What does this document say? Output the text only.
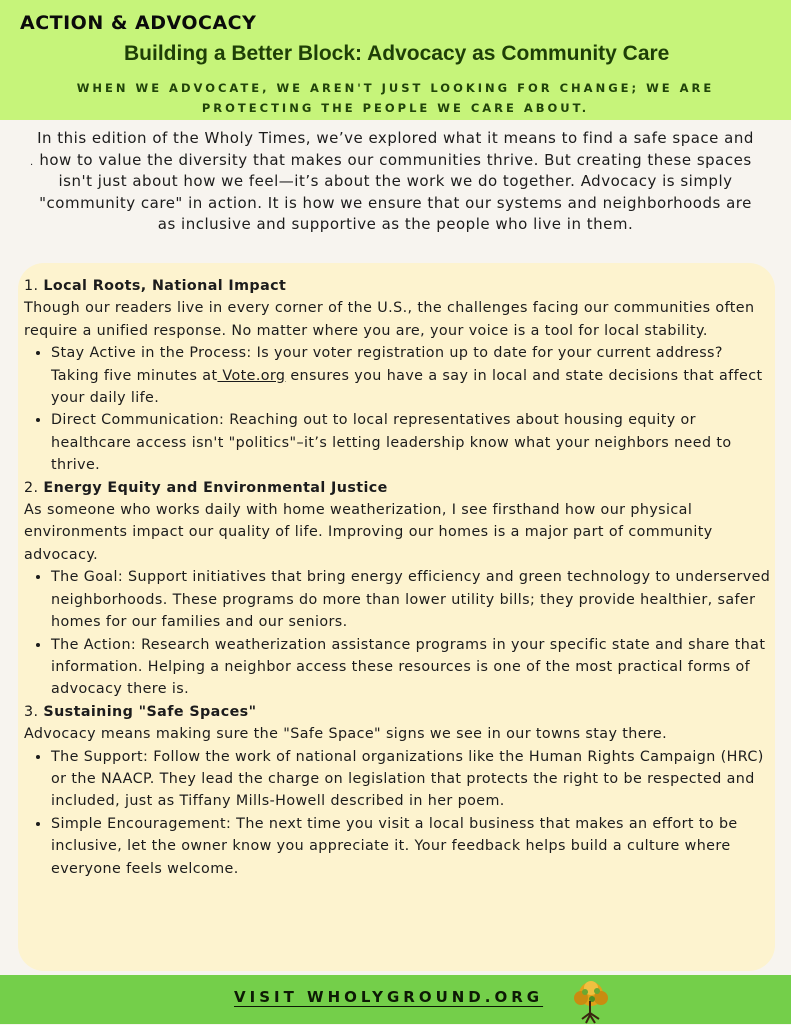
ACTION & ADVOCACY
Building a Better Block: Advocacy as Community Care

WHEN WE ADVOCATE, WE AREN'T JUST LOOKING FOR CHANGE; WE ARE PROTECTING THE PEOPLE WE CARE ABOUT.

In this edition of the Wholy Times, we’ve explored what it means to find a safe space and how to value the diversity that makes our communities thrive. But creating these spaces isn't just about how we feel—it’s about the work we do together. Advocacy is simply "community care" in action. It is how we ensure that our systems and neighborhoods are as inclusive and supportive as the people who live in them.

.

1. Local Roots, National Impact

Though our readers live in every corner of the U.S., the challenges facing our communities often require a unified response. No matter where you are, your voice is a tool for local stability.

• Stay Active in the Process: Is your voter registration up to date for your current address? Taking five minutes at Vote.org ensures you have a say in local and state decisions that affect your daily life.
• Direct Communication: Reaching out to local representatives about housing equity or healthcare access isn't "politics"–it’s letting leadership know what your neighbors need to thrive.

2. Energy Equity and Environmental Justice

As someone who works daily with home weatherization, I see firsthand how our physical environments impact our quality of life. Improving our homes is a major part of community advocacy.

• The Goal: Support initiatives that bring energy efficiency and green technology to underserved neighborhoods. These programs do more than lower utility bills; they provide healthier, safer homes for our families and our seniors.
• The Action: Research weatherization assistance programs in your specific state and share that information. Helping a neighbor access these resources is one of the most practical forms of advocacy there is.

3. Sustaining "Safe Spaces"

Advocacy means making sure the "Safe Space" signs we see in our towns stay there.

• The Support: Follow the work of national organizations like the Human Rights Campaign (HRC) or the NAACP. They lead the charge on legislation that protects the right to be respected and included, just as Tiffany Mills-Howell described in her poem.
• Simple Encouragement: The next time you visit a local business that makes an effort to be inclusive, let the owner know you appreciate it. Your feedback helps build a culture where everyone feels welcome.

VISIT WHOLYGROUND.ORG
